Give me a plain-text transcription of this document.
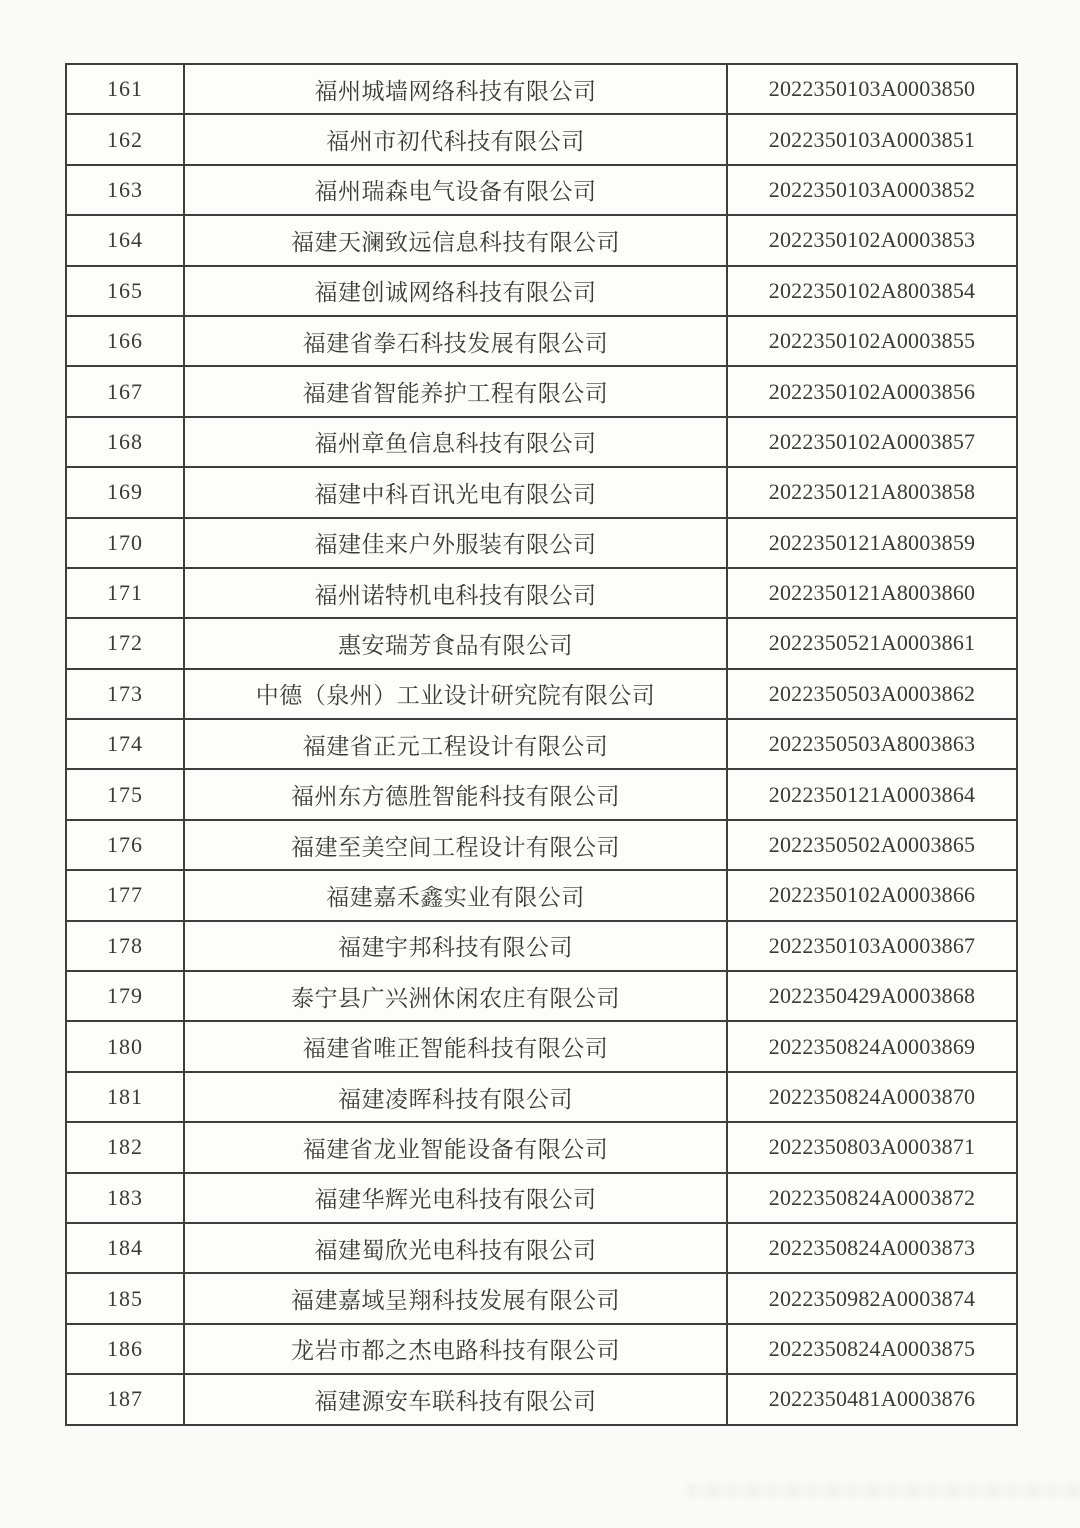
161	福州城墙网络科技有限公司	2022350103A0003850
162	福州市初代科技有限公司	2022350103A0003851
163	福州瑞森电气设备有限公司	2022350103A0003852
164	福建天澜致远信息科技有限公司	2022350102A0003853
165	福建创诚网络科技有限公司	2022350102A8003854
166	福建省拳石科技发展有限公司	2022350102A0003855
167	福建省智能养护工程有限公司	2022350102A0003856
168	福州章鱼信息科技有限公司	2022350102A0003857
169	福建中科百讯光电有限公司	2022350121A8003858
170	福建佳来户外服装有限公司	2022350121A8003859
171	福州诺特机电科技有限公司	2022350121A8003860
172	惠安瑞芳食品有限公司	2022350521A0003861
173	中德（泉州）工业设计研究院有限公司	2022350503A0003862
174	福建省正元工程设计有限公司	2022350503A8003863
175	福州东方德胜智能科技有限公司	2022350121A0003864
176	福建至美空间工程设计有限公司	2022350502A0003865
177	福建嘉禾鑫实业有限公司	2022350102A0003866
178	福建宇邦科技有限公司	2022350103A0003867
179	泰宁县广兴洲休闲农庄有限公司	2022350429A0003868
180	福建省唯正智能科技有限公司	2022350824A0003869
181	福建凌晖科技有限公司	2022350824A0003870
182	福建省龙业智能设备有限公司	2022350803A0003871
183	福建华辉光电科技有限公司	2022350824A0003872
184	福建蜀欣光电科技有限公司	2022350824A0003873
185	福建嘉域呈翔科技发展有限公司	2022350982A0003874
186	龙岩市都之杰电路科技有限公司	2022350824A0003875
187	福建源安车联科技有限公司	2022350481A0003876
